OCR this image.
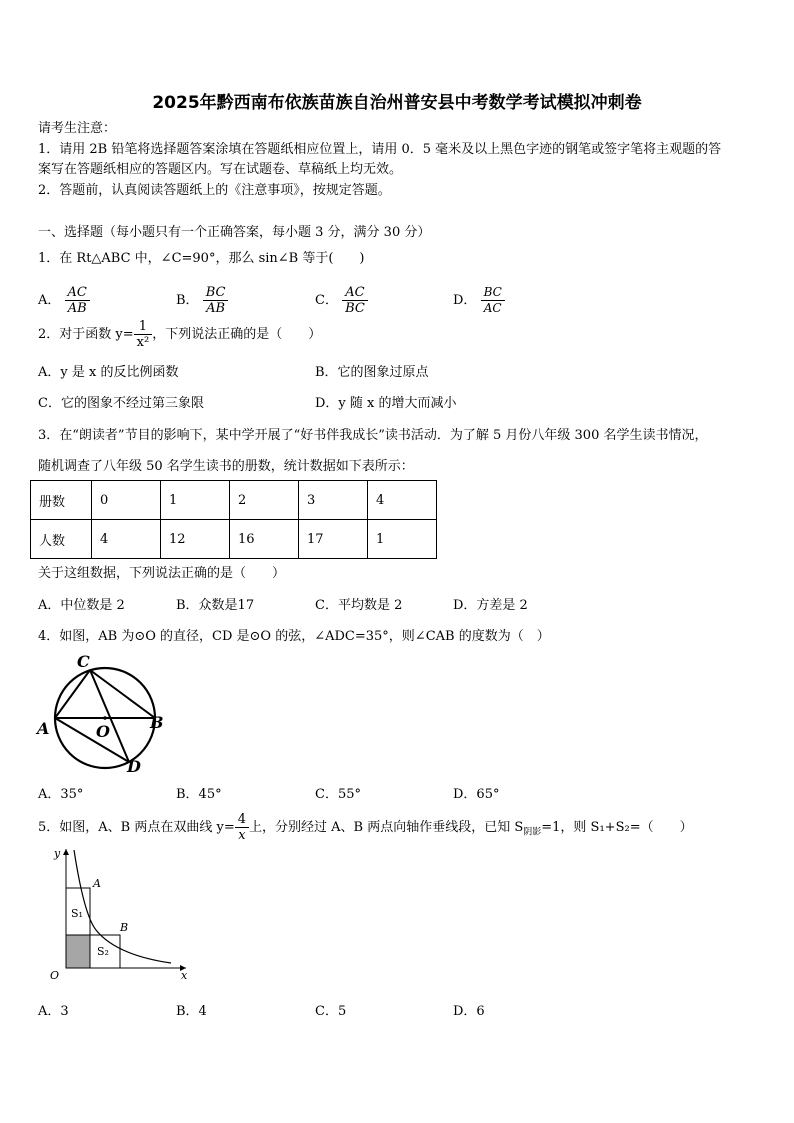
2025年黔西南布依族苗族自治州普安县中考数学考试模拟冲刺卷
请考生注意：
1．请用 2B 铅笔将选择题答案涂填在答题纸相应位置上，请用 0．5 毫米及以上黑色字迹的钢笔或签字笔将主观题的答
案写在答题纸相应的答题区内。写在试题卷、草稿纸上均无效。
2．答题前，认真阅读答题纸上的《注意事项》，按规定答题。
一、选择题（每小题只有一个正确答案，每小题 3 分，满分 30 分）
1．在 Rt△ABC 中，∠C=90°，那么 sin∠B 等于(　　)
A． $\frac{AC}{AB}$	B． $\frac{BC}{AB}$	C． $\frac{AC}{BC}$	D． $\frac{BC}{AC}$
2．对于函数 $y= \frac{1}{\text{x²}}$ ，下列说法正确的是（　　）
A．y 是 x 的反比例函数	B．它的图象过原点
C．它的图象不经过第三象限	D．y 随 x 的增大而减小
3．在“朗读者”节目的影响下，某中学开展了“好书伴我成长”读书活动．为了解 5 月份八年级 300 名学生读书情况，
随机调查了八年级 50 名学生读书的册数，统计数据如下表所示：
册数	0	1	2	3	4
人数	4	12	16	17	1
关于这组数据，下列说法正确的是（　　）
A．中位数是 2	B．众数是17	C．平均数是 2	D．方差是 2
4．如图，AB 为⊙O 的直径，CD 是⊙O 的弦，∠ADC=35°，则∠CAB 的度数为（　）
C
A	B
O
D
A．35°	B．45°	C．55°	D．65°
5．如图，A、B 两点在双曲线 $y= \frac{4}{x}$ 上，分别经过 A、B 两点向轴作垂线段，已知 $S_{阴影}=1$，则 S₁+S₂=（　　）
y
x
O
A
B
S₁
S₂
A．3	B．4	C．5	D．6
